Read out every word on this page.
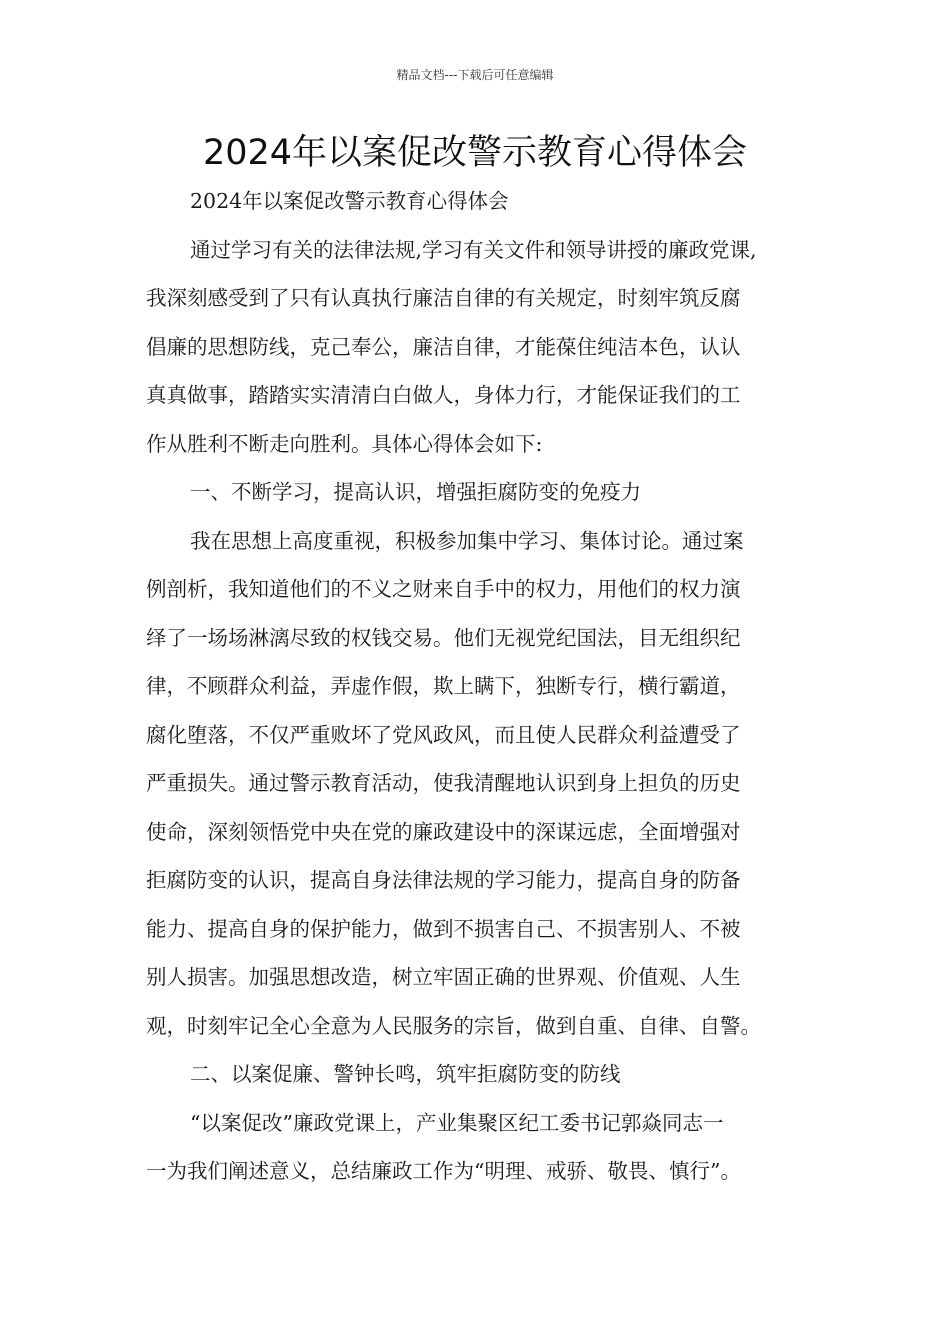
精品文档---下载后可任意编辑
2024年以案促改警示教育心得体会
2024年以案促改警示教育心得体会
通过学习有关的法律法规,学习有关文件和领导讲授的廉政党课,
我深刻感受到了只有认真执行廉洁自律的有关规定，时刻牢筑反腐
倡廉的思想防线，克己奉公，廉洁自律，才能葆住纯洁本色，认认
真真做事，踏踏实实清清白白做人，身体力行，才能保证我们的工
作从胜利不断走向胜利。具体心得体会如下:
一、不断学习，提高认识，增强拒腐防变的免疫力
我在思想上高度重视，积极参加集中学习、集体讨论。通过案
例剖析，我知道他们的不义之财来自手中的权力，用他们的权力演
绎了一场场淋漓尽致的权钱交易。他们无视党纪国法，目无组织纪
律，不顾群众利益，弄虚作假，欺上瞒下，独断专行，横行霸道，
腐化堕落，不仅严重败坏了党风政风，而且使人民群众利益遭受了
严重损失。通过警示教育活动，使我清醒地认识到身上担负的历史
使命，深刻领悟党中央在党的廉政建设中的深谋远虑，全面增强对
拒腐防变的认识，提高自身法律法规的学习能力，提高自身的防备
能力、提高自身的保护能力，做到不损害自己、不损害别人、不被
别人损害。加强思想改造，树立牢固正确的世界观、价值观、人生
观，时刻牢记全心全意为人民服务的宗旨，做到自重、自律、自警。
二、以案促廉、警钟长鸣，筑牢拒腐防变的防线
“以案促改”廉政党课上，产业集聚区纪工委书记郭焱同志一
一为我们阐述意义，总结廉政工作为“明理、戒骄、敬畏、慎行”。
